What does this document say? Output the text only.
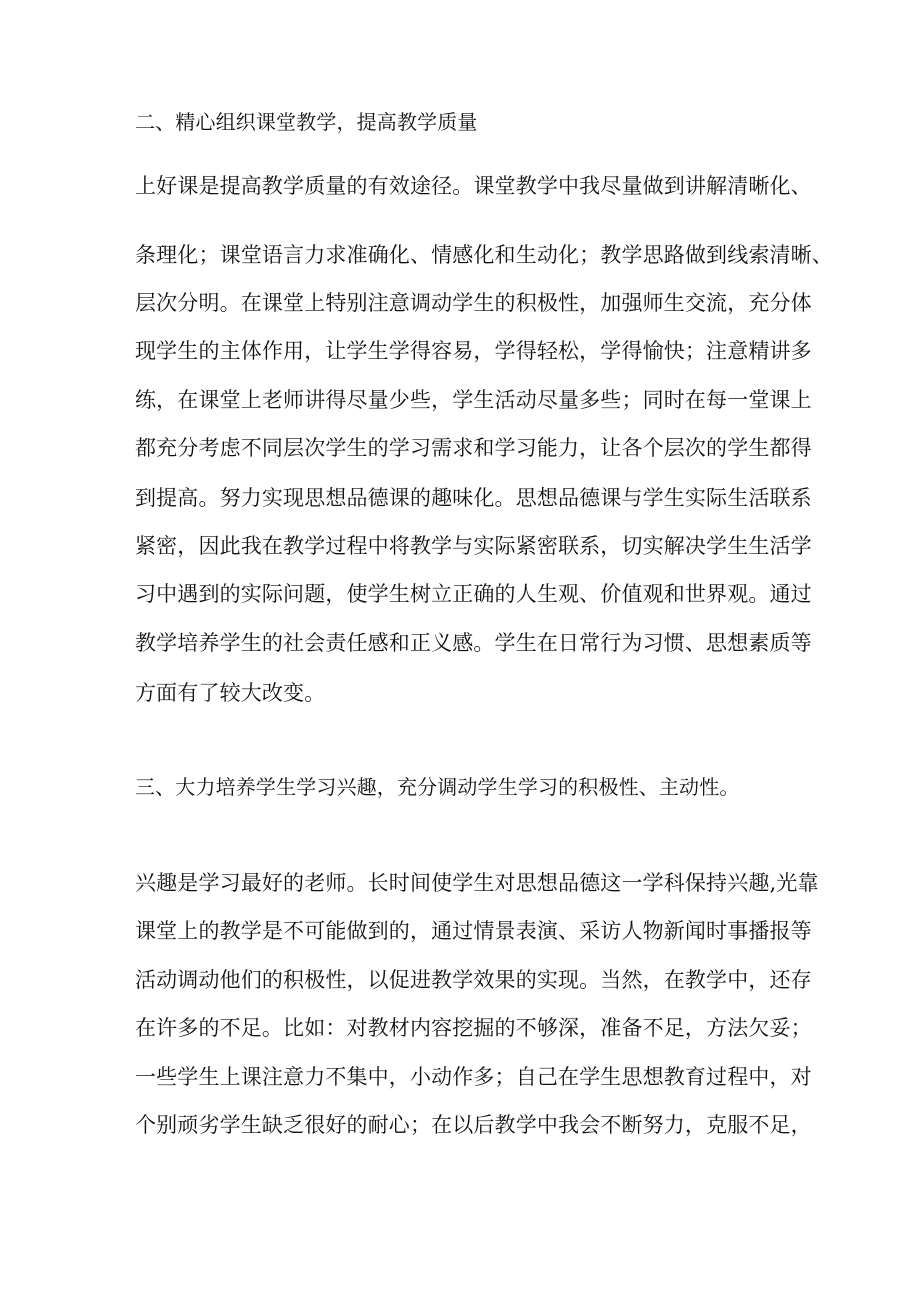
二、精心组织课堂教学，提高教学质量
上好课是提高教学质量的有效途径。课堂教学中我尽量做到讲解清晰化、
条理化；课堂语言力求准确化、情感化和生动化；教学思路做到线索清晰、
层次分明。在课堂上特别注意调动学生的积极性，加强师生交流，充分体
现学生的主体作用，让学生学得容易，学得轻松，学得愉快；注意精讲多
练，在课堂上老师讲得尽量少些，学生活动尽量多些；同时在每一堂课上
都充分考虑不同层次学生的学习需求和学习能力，让各个层次的学生都得
到提高。努力实现思想品德课的趣味化。思想品德课与学生实际生活联系
紧密，因此我在教学过程中将教学与实际紧密联系，切实解决学生生活学
习中遇到的实际问题，使学生树立正确的人生观、价值观和世界观。通过
教学培养学生的社会责任感和正义感。学生在日常行为习惯、思想素质等
方面有了较大改变。
三、大力培养学生学习兴趣，充分调动学生学习的积极性、主动性。
兴趣是学习最好的老师。长时间使学生对思想品德这一学科保持兴趣,光靠
课堂上的教学是不可能做到的，通过情景表演、采访人物新闻时事播报等
活动调动他们的积极性，以促进教学效果的实现。当然，在教学中，还存
在许多的不足。比如：对教材内容挖掘的不够深，准备不足，方法欠妥；
一些学生上课注意力不集中，小动作多；自己在学生思想教育过程中，对
个别顽劣学生缺乏很好的耐心；在以后教学中我会不断努力，克服不足，
